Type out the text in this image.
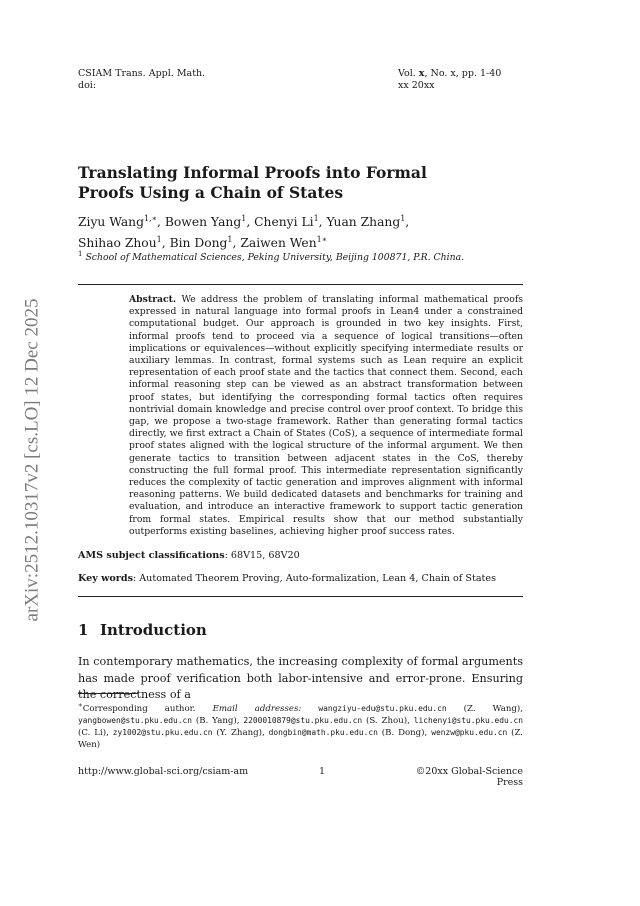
CSIAM Trans. Appl. Math.
doi:
Vol. x, No. x, pp. 1-40
xx 20xx
arXiv:2512.10317v2 [cs.LO] 12 Dec 2025
Translating Informal Proofs into Formal Proofs Using a Chain of States
Ziyu Wang$^{1,∗}$, Bowen Yang$^1$, Chenyi Li$^1$, Yuan Zhang$^1$, Shihao Zhou$^1$, Bin Dong$^1$, Zaiwen Wen$^{1∗}$
$^1$ School of Mathematical Sciences, Peking University, Beijing 100871, P.R. China.
Abstract. We address the problem of translating informal mathematical proofs expressed in natural language into formal proofs in Lean4 under a constrained computational budget. Our approach is grounded in two key insights. First, informal proofs tend to proceed via a sequence of logical transitions—often implications or equivalences—without explicitly specifying intermediate results or auxiliary lemmas. In contrast, formal systems such as Lean require an explicit representation of each proof state and the tactics that connect them. Second, each informal reasoning step can be viewed as an abstract transformation between proof states, but identifying the corresponding formal tactics often requires nontrivial domain knowledge and precise control over proof context. To bridge this gap, we propose a two-stage framework. Rather than generating formal tactics directly, we first extract a Chain of States (CoS), a sequence of intermediate formal proof states aligned with the logical structure of the informal argument. We then generate tactics to transition between adjacent states in the CoS, thereby constructing the full formal proof. This intermediate representation significantly reduces the complexity of tactic generation and improves alignment with informal reasoning patterns. We build dedicated datasets and benchmarks for training and evaluation, and introduce an interactive framework to support tactic generation from formal states. Empirical results show that our method substantially outperforms existing baselines, achieving higher proof success rates.
AMS subject classifications: 68V15, 68V20
Key words: Automated Theorem Proving, Auto-formalization, Lean 4, Chain of States
1 Introduction
In contemporary mathematics, the increasing complexity of formal arguments has made proof verification both labor-intensive and error-prone. Ensuring the correctness of a
∗Corresponding author. Email addresses: wangziyu-edu@stu.pku.edu.cn (Z. Wang), yangbowen@stu.pku.edu.cn (B. Yang), 2200010879@stu.pku.edu.cn (S. Zhou), lichenyi@stu.pku.edu.cn (C. Li), zy1002@stu.pku.edu.cn (Y. Zhang), dongbin@math.pku.edu.cn (B. Dong), wenzw@pku.edu.cn (Z. Wen)
http://www.global-sci.org/csiam-am	1	©20xx Global-Science Press
